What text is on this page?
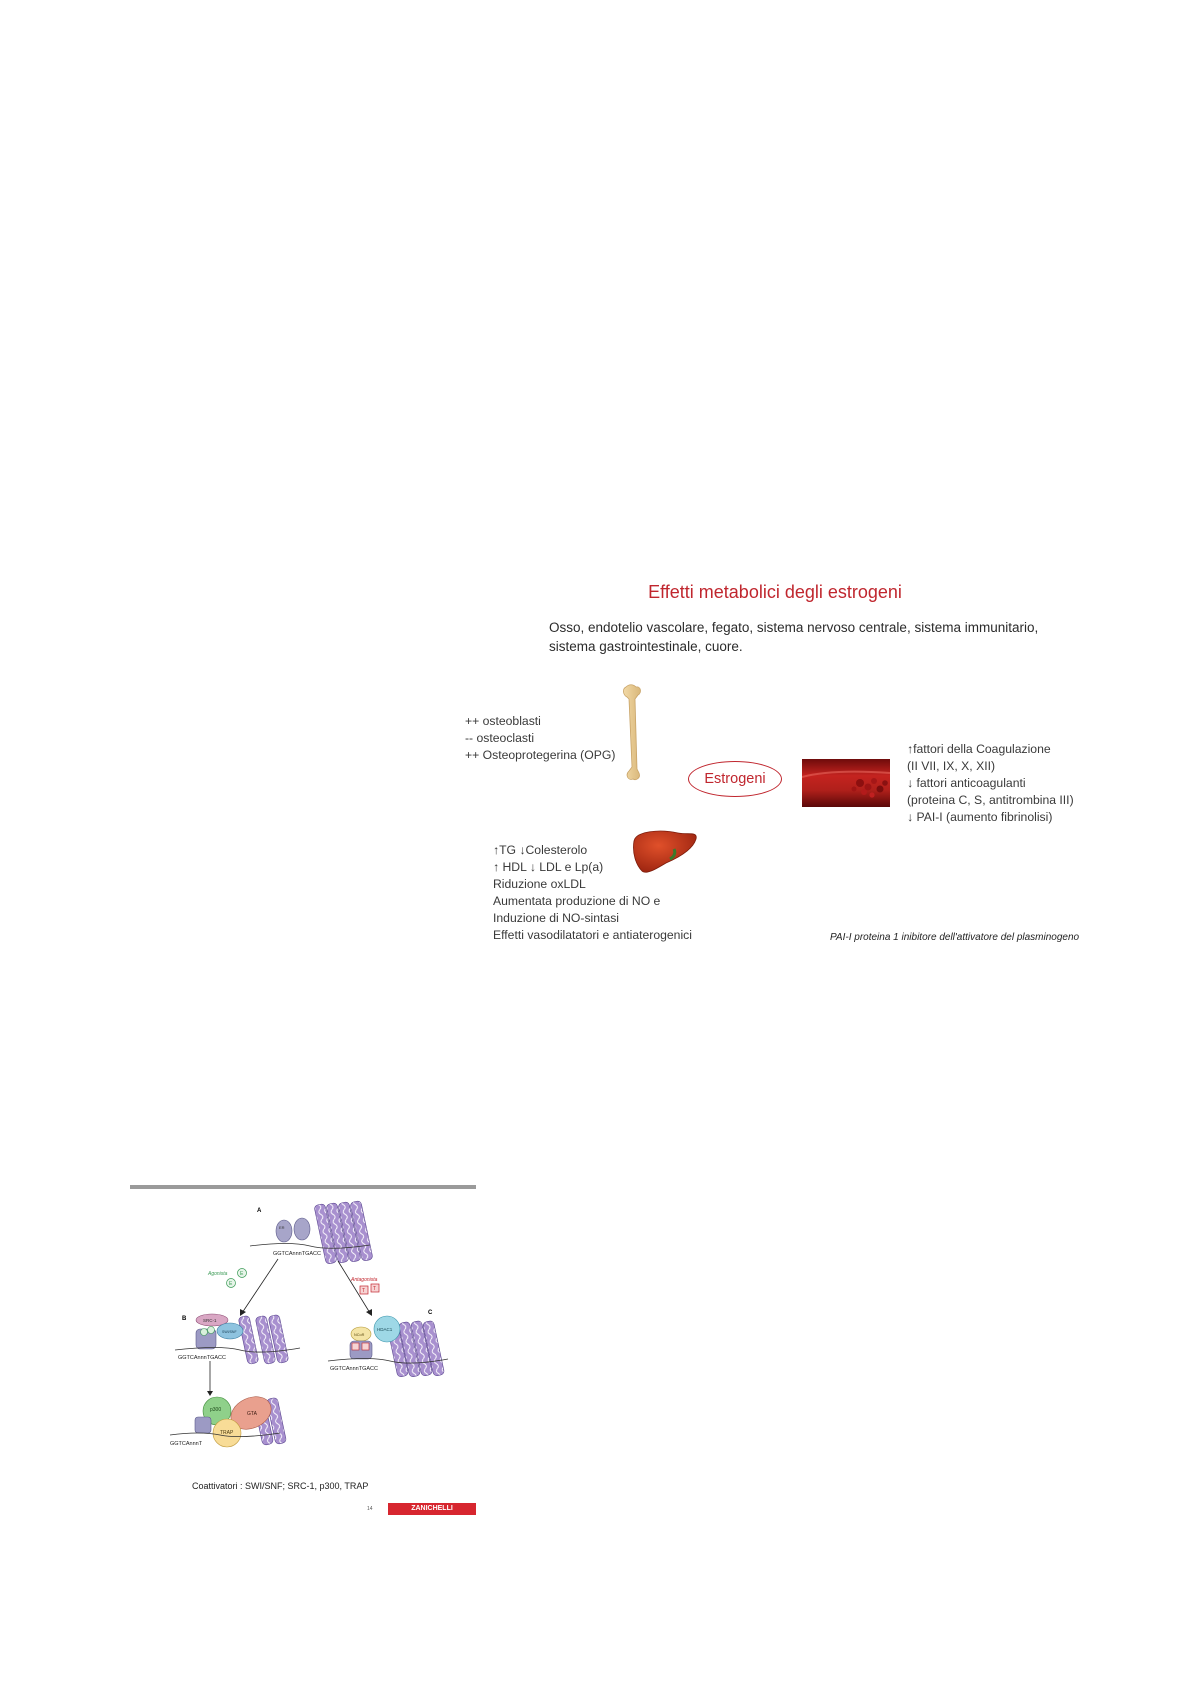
Effetti metabolici degli estrogeni
Osso, endotelio vascolare, fegato, sistema nervoso centrale, sistema immunitario,
sistema gastrointestinale, cuore.
++ osteoblasti
-- osteoclasti
++ Osteoprotegerina (OPG)
Estrogeni
↑fattori della Coagulazione
(II VII, IX, X, XII)
↓ fattori anticoagulanti
(proteina C, S, antitrombina III)
↓ PAI-I (aumento fibrinolisi)
↑TG ↓Colesterolo
↑ HDL ↓ LDL e Lp(a)
Riduzione oxLDL
Aumentata produzione di NO e
Induzione di NO-sintasi
Effetti vasodilatatori e antiaterogenici	PAI-I proteina 1 inibitore dell'attivatore del plasminogeno
A
ER
GGTCAnnnTGACC
Agonista	E
E
Antagonista
T T
B	SRC-1
SWI/SNF
GGTCAnnnTGACC
C
NCoR
HDAC1
GGTCAnnnTGACC
GTA
p300
TRAP
GGTCAnnnT
Coattivatori : SWI/SNF; SRC-1, p300, TRAP
14	ZANICHELLI
